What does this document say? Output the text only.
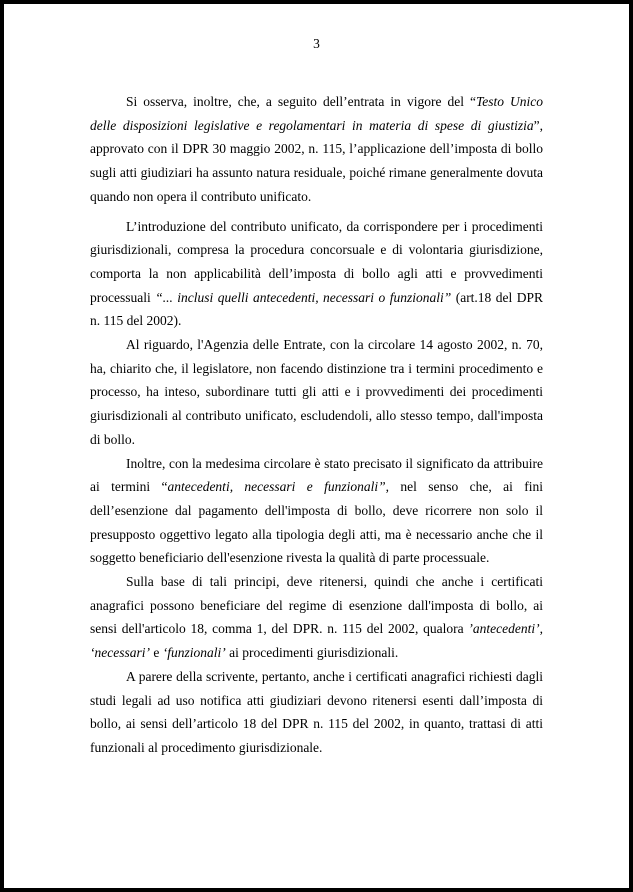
3

Si osserva, inoltre, che, a seguito dell’entrata in vigore del “Testo Unico delle disposizioni legislative e regolamentari in materia di spese di giustizia”, approvato con il DPR 30 maggio 2002, n. 115, l’applicazione dell’imposta di bollo sugli atti giudiziari ha assunto natura residuale, poiché rimane generalmente dovuta quando non opera il contributo unificato.

L’introduzione del contributo unificato, da corrispondere per i procedimenti giurisdizionali, compresa la procedura concorsuale e di volontaria giurisdizione, comporta la non applicabilità dell’imposta di bollo agli atti e provvedimenti processuali “... inclusi quelli antecedenti, necessari o funzionali” (art.18 del DPR n. 115 del 2002).

Al riguardo, l'Agenzia delle Entrate, con la circolare 14 agosto 2002, n. 70, ha, chiarito che, il legislatore, non facendo distinzione tra i termini procedimento e processo, ha inteso, subordinare tutti gli atti e i provvedimenti dei procedimenti giurisdizionali al contributo unificato, escludendoli, allo stesso tempo, dall'imposta di bollo.

Inoltre, con la medesima circolare è stato precisato il significato da attribuire ai termini “antecedenti, necessari e funzionali”, nel senso che, ai fini dell’esenzione dal pagamento dell'imposta di bollo, deve ricorrere non solo il presupposto oggettivo legato alla tipologia degli atti, ma è necessario anche che il soggetto beneficiario dell'esenzione rivesta la qualità di parte processuale.

Sulla base di tali principi, deve ritenersi, quindi che anche i certificati anagrafici possono beneficiare del regime di esenzione dall'imposta di bollo, ai sensi dell'articolo 18, comma 1, del DPR. n. 115 del 2002, qualora ’antecedenti’, ‘necessari’ e ‘funzionali’ ai procedimenti giurisdizionali.

A parere della scrivente, pertanto, anche i certificati anagrafici richiesti dagli studi legali ad uso notifica atti giudiziari devono ritenersi esenti dall’imposta di bollo, ai sensi dell’articolo 18 del DPR n. 115 del 2002, in quanto, trattasi di atti funzionali al procedimento giurisdizionale.
